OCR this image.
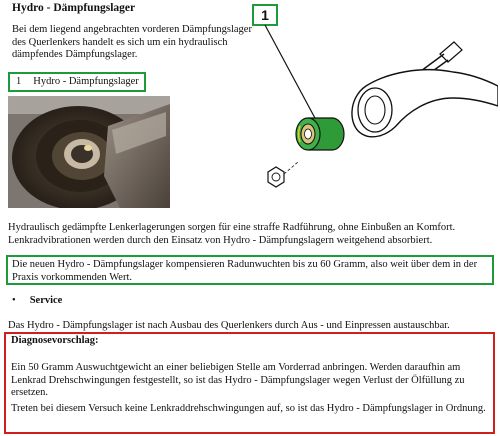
Hydro - Dämpfungslager
Bei dem liegend angebrachten vorderen Dämpfungslager des Querlenkers handelt es sich um ein hydraulisch dämpfendes Dämpfungslager.
1 Hydro - Dämpfungslager
1
Hydraulisch gedämpfte Lenkerlagerungen sorgen für eine straffe Radführung, ohne Einbußen an Komfort. Lenkradvibrationen werden durch den Einsatz von Hydro - Dämpfungslagern weitgehend absorbiert.
Die neuen Hydro - Dämpfungslager kompensieren Radunwuchten bis zu 60 Gramm, also weit über dem in der Praxis vorkommenden Wert.
• Service
Das Hydro - Dämpfungslager ist nach Ausbau des Querlenkers durch Aus - und Einpressen austauschbar.
Diagnosevorschlag:
Ein 50 Gramm Auswuchtgewicht an einer beliebigen Stelle am Vorderrad anbringen. Werden daraufhin am Lenkrad Drehschwingungen festgestellt, so ist das Hydro - Dämpfungslager wegen Verlust der Ölfüllung zu ersetzen.
Treten bei diesem Versuch keine Lenkraddrehschwingungen auf, so ist das Hydro - Dämpfungslager in Ordnung.
